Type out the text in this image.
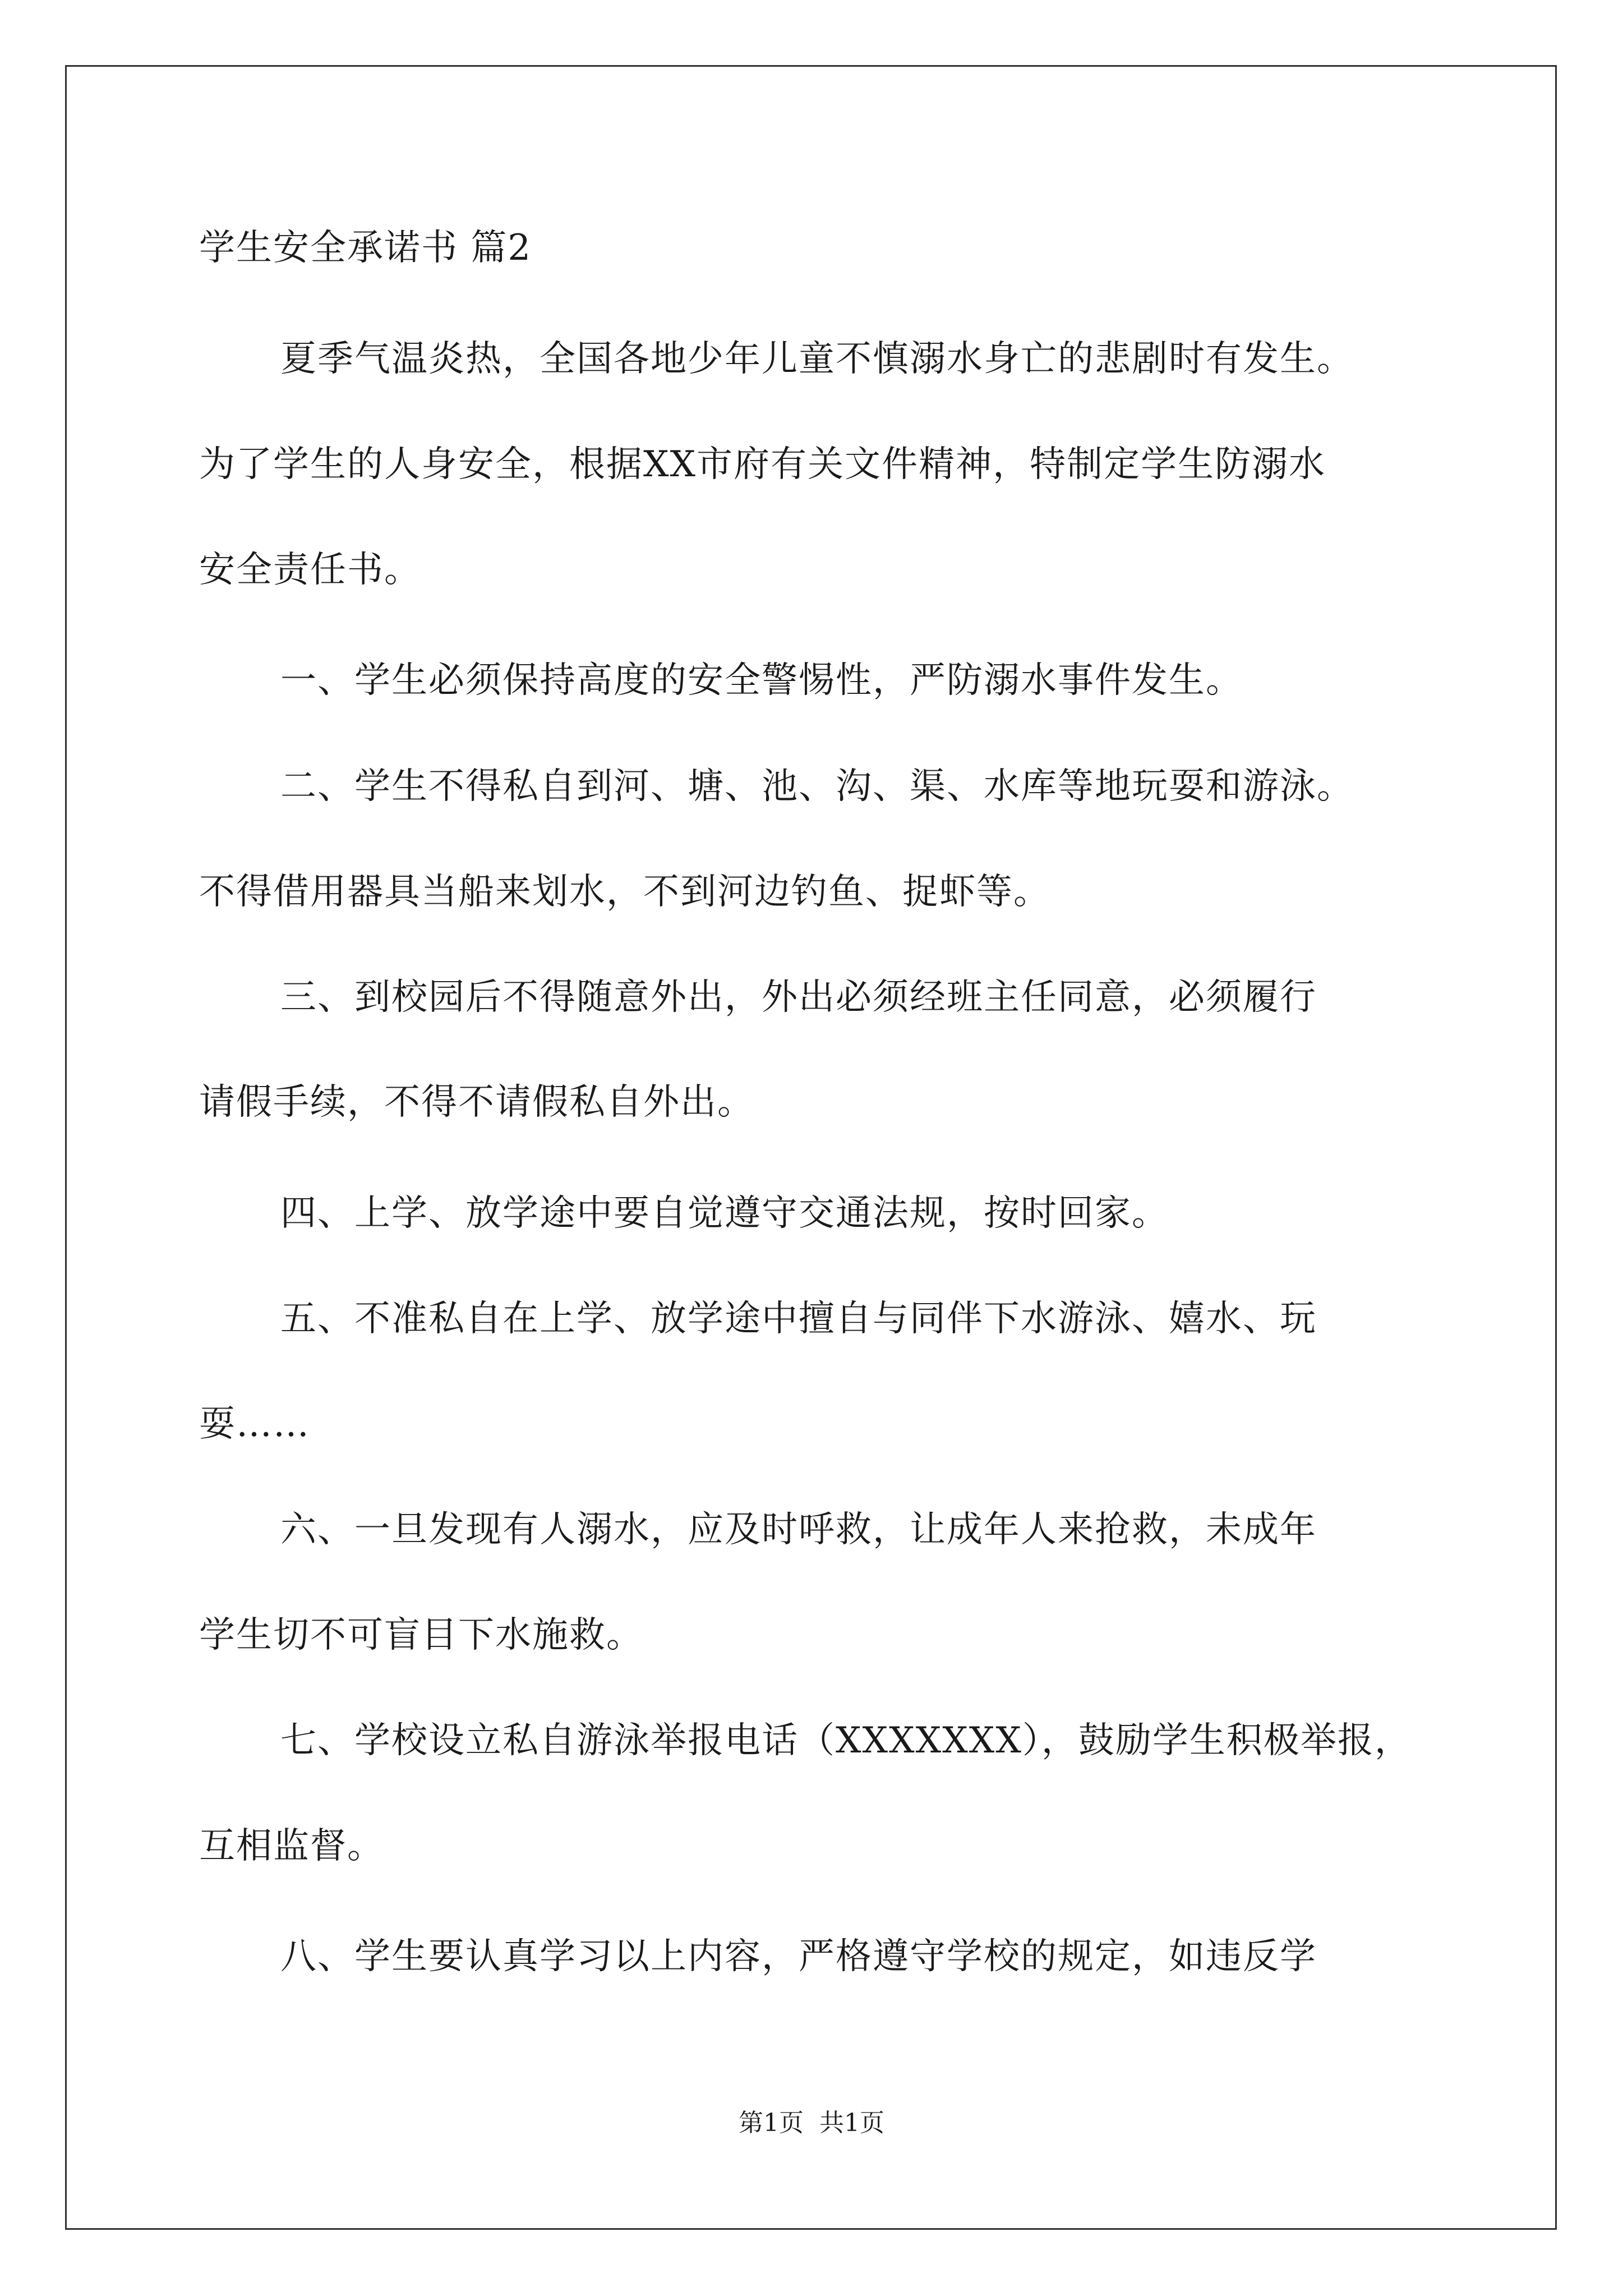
学生安全承诺书 篇2

夏季气温炎热，全国各地少年儿童不慎溺水身亡的悲剧时有发生。

为了学生的人身安全，根据XX市府有关文件精神，特制定学生防溺水

安全责任书。

一、学生必须保持高度的安全警惕性，严防溺水事件发生。

二、学生不得私自到河、塘、池、沟、渠、水库等地玩耍和游泳。

不得借用器具当船来划水，不到河边钓鱼、捉虾等。

三、到校园后不得随意外出，外出必须经班主任同意，必须履行

请假手续，不得不请假私自外出。

四、上学、放学途中要自觉遵守交通法规，按时回家。

五、不准私自在上学、放学途中擅自与同伴下水游泳、嬉水、玩

耍……

六、一旦发现有人溺水，应及时呼救，让成年人来抢救，未成年

学生切不可盲目下水施救。

七、学校设立私自游泳举报电话（XXXXXXX），鼓励学生积极举报，

互相监督。

八、学生要认真学习以上内容，严格遵守学校的规定，如违反学

第1页  共1页
